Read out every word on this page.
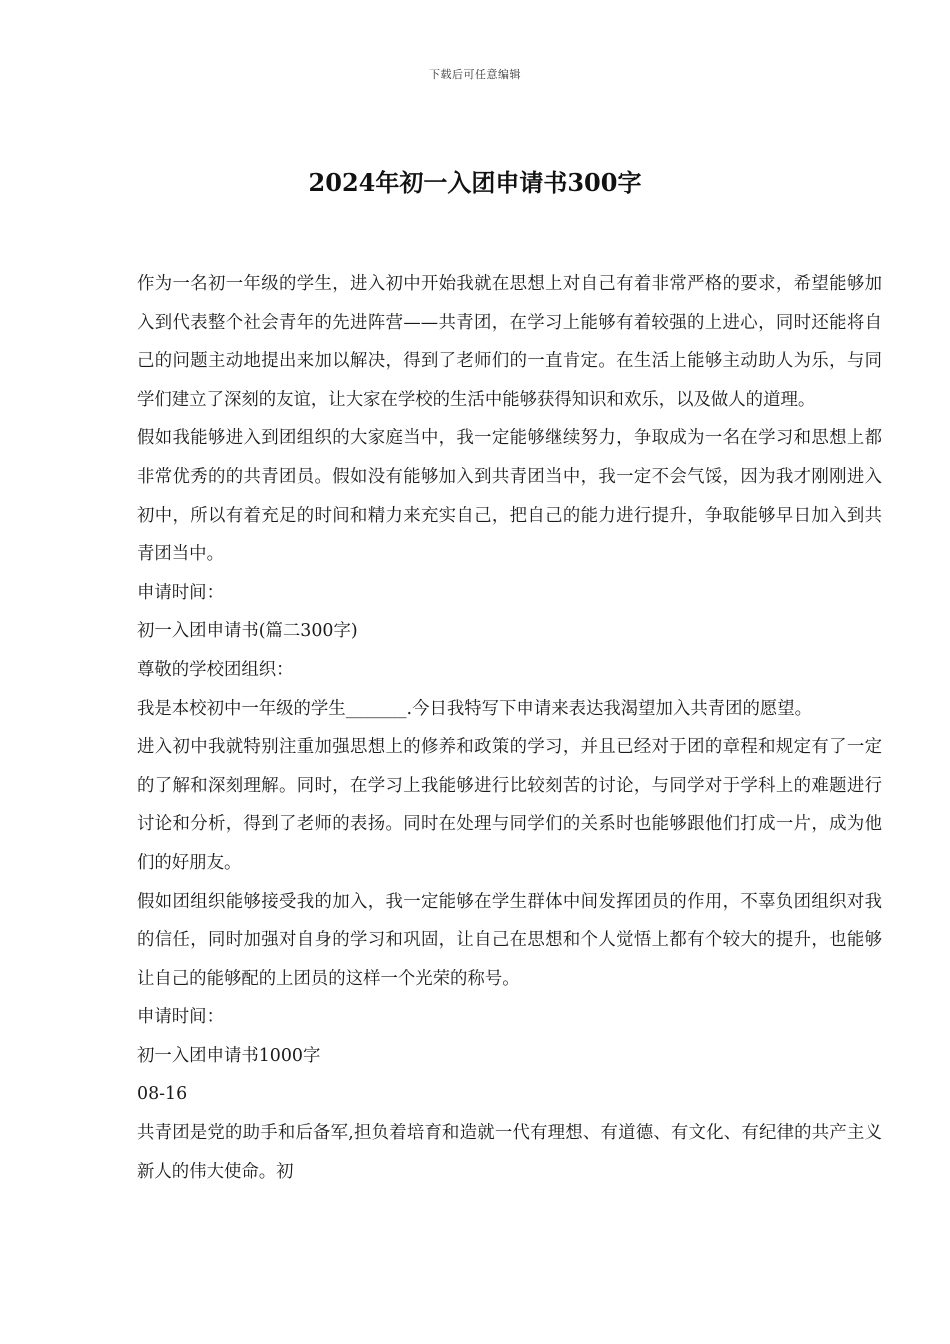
下载后可任意编辑
2024年初一入团申请书300字

作为一名初一年级的学生，进入初中开始我就在思想上对自己有着非常严格的要求，希望能够加入到代表整个社会青年的先进阵营——共青团，在学习上能够有着较强的上进心，同时还能将自己的问题主动地提出来加以解决，得到了老师们的一直肯定。在生活上能够主动助人为乐，与同学们建立了深刻的友谊，让大家在学校的生活中能够获得知识和欢乐，以及做人的道理。

假如我能够进入到团组织的大家庭当中，我一定能够继续努力，争取成为一名在学习和思想上都非常优秀的的共青团员。假如没有能够加入到共青团当中，我一定不会气馁，因为我才刚刚进入初中，所以有着充足的时间和精力来充实自己，把自己的能力进行提升，争取能够早日加入到共青团当中。

申请时间：

初一入团申请书(篇二300字)

尊敬的学校团组织：

我是本校初中一年级的学生_______.今日我特写下申请来表达我渴望加入共青团的愿望。

进入初中我就特别注重加强思想上的修养和政策的学习，并且已经对于团的章程和规定有了一定的了解和深刻理解。同时，在学习上我能够进行比较刻苦的讨论，与同学对于学科上的难题进行讨论和分析，得到了老师的表扬。同时在处理与同学们的关系时也能够跟他们打成一片，成为他们的好朋友。

假如团组织能够接受我的加入，我一定能够在学生群体中间发挥团员的作用，不辜负团组织对我的信任，同时加强对自身的学习和巩固，让自己在思想和个人觉悟上都有个较大的提升，也能够让自己的能够配的上团员的这样一个光荣的称号。

申请时间：

初一入团申请书1000字

08-16

共青团是党的助手和后备军,担负着培育和造就一代有理想、有道德、有文化、有纪律的共产主义新人的伟大使命。初
